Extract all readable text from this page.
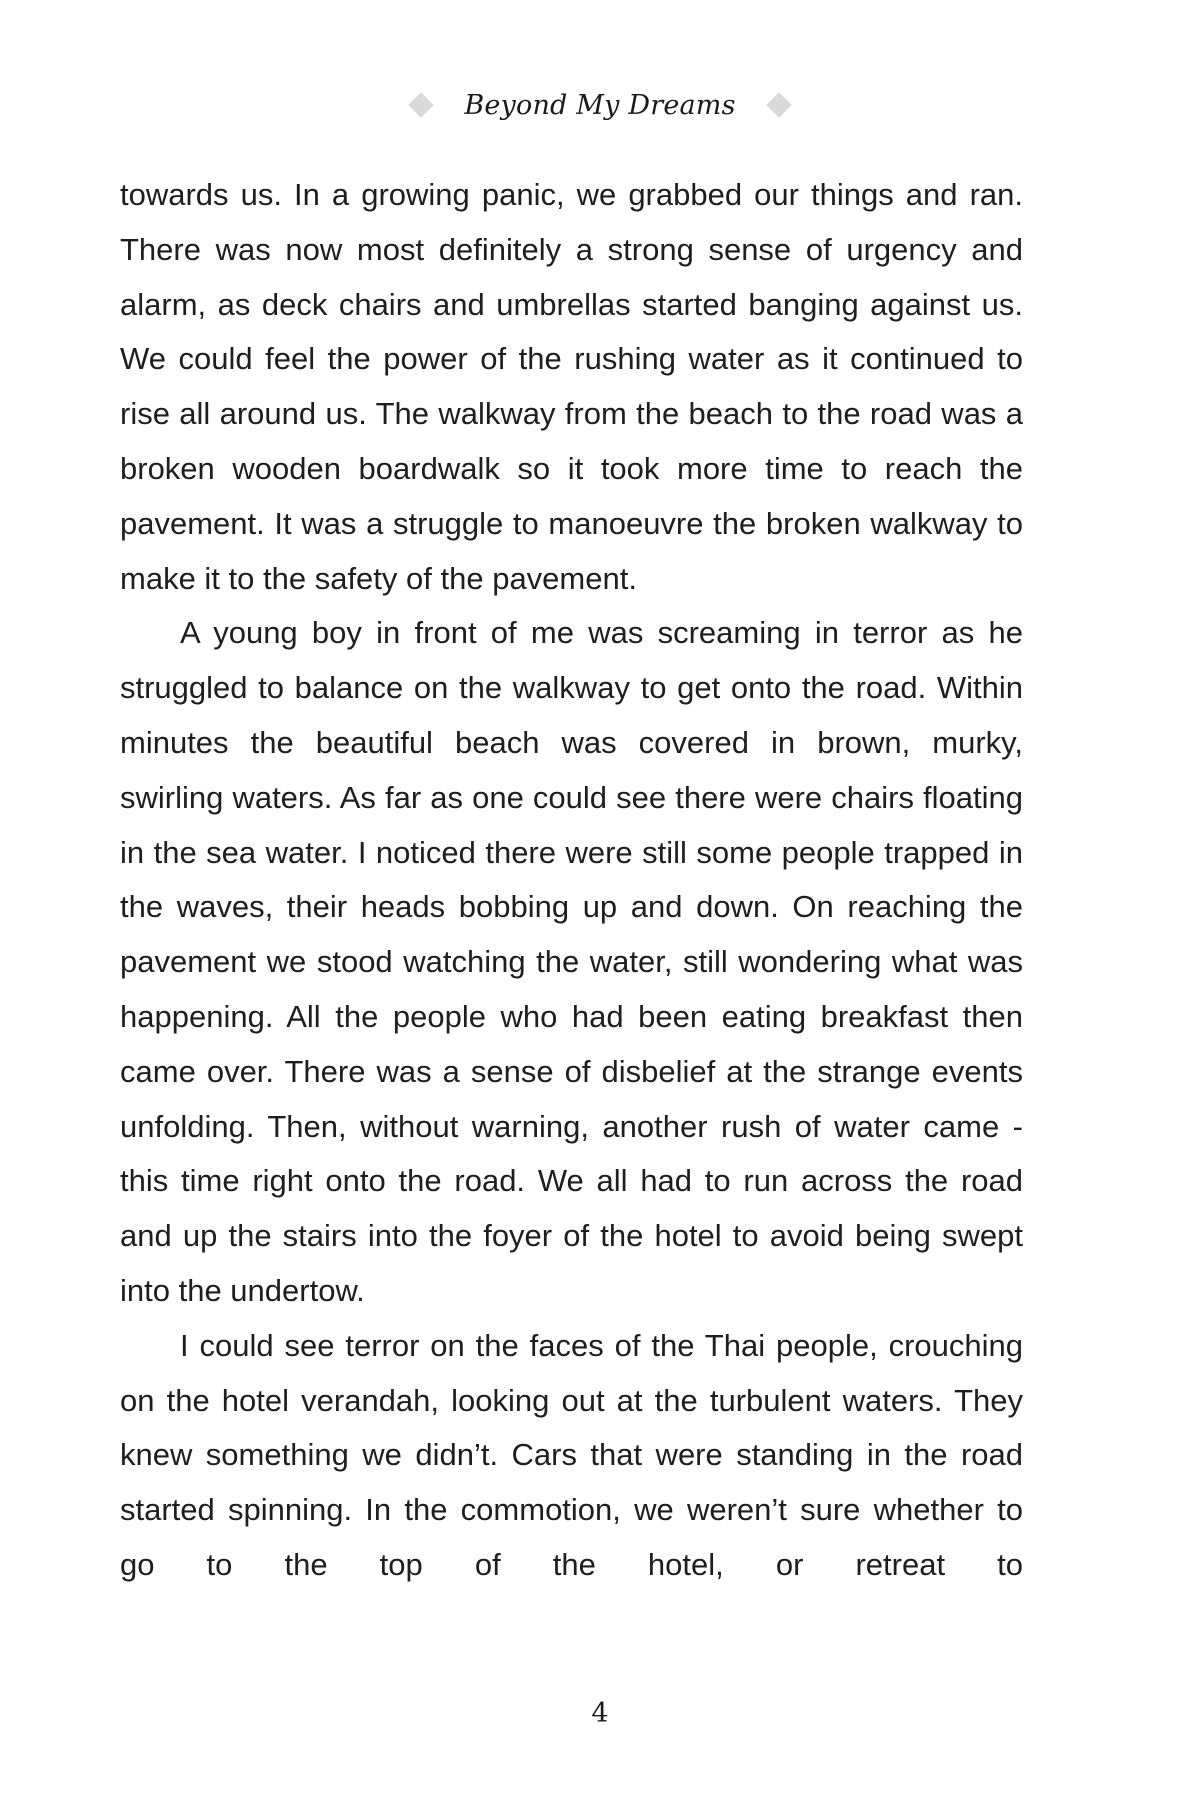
Beyond My Dreams

towards us. In a growing panic, we grabbed our things and ran. There was now most definitely a strong sense of urgency and alarm, as deck chairs and umbrellas started banging against us. We could feel the power of the rushing water as it continued to rise all around us. The walkway from the beach to the road was a broken wooden boardwalk so it took more time to reach the pavement. It was a struggle to manoeuvre the broken walkway to make it to the safety of the pavement.

A young boy in front of me was screaming in terror as he struggled to balance on the walkway to get onto the road. Within minutes the beautiful beach was covered in brown, murky, swirling waters. As far as one could see there were chairs floating in the sea water. I noticed there were still some people trapped in the waves, their heads bobbing up and down. On reaching the pavement we stood watching the water, still wondering what was happening. All the people who had been eating breakfast then came over. There was a sense of disbelief at the strange events unfolding. Then, without warning, another rush of water came - this time right onto the road. We all had to run across the road and up the stairs into the foyer of the hotel to avoid being swept into the undertow.

I could see terror on the faces of the Thai people, crouching on the hotel verandah, looking out at the turbulent waters. They knew something we didn’t. Cars that were standing in the road started spinning. In the commotion, we weren’t sure whether to go to the top of the hotel, or retreat to

4
